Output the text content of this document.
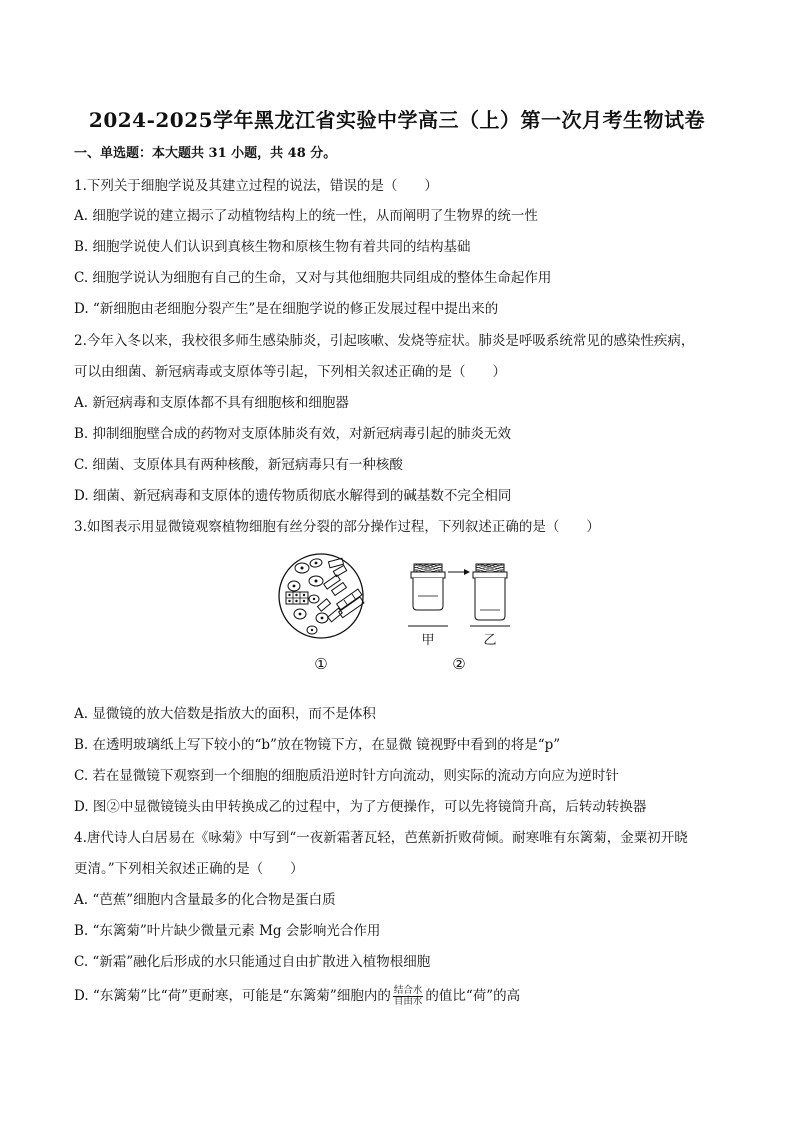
2024-2025学年黑龙江省实验中学高三（上）第一次月考生物试卷
一、单选题：本大题共 31 小题，共 48 分。
1.下列关于细胞学说及其建立过程的说法，错误的是（　　）
A. 细胞学说的建立揭示了动植物结构上的统一性，从而阐明了生物界的统一性
B. 细胞学说使人们认识到真核生物和原核生物有着共同的结构基础
C. 细胞学说认为细胞有自己的生命，又对与其他细胞共同组成的整体生命起作用
D. “新细胞由老细胞分裂产生”是在细胞学说的修正发展过程中提出来的
2.今年入冬以来，我校很多师生感染肺炎，引起咳嗽、发烧等症状。肺炎是呼吸系统常见的感染性疾病，
可以由细菌、新冠病毒或支原体等引起，下列相关叙述正确的是（　　）
A. 新冠病毒和支原体都不具有细胞核和细胞器
B. 抑制细胞壁合成的药物对支原体肺炎有效，对新冠病毒引起的肺炎无效
C. 细菌、支原体具有两种核酸，新冠病毒只有一种核酸
D. 细菌、新冠病毒和支原体的遗传物质彻底水解得到的碱基数不完全相同
3.如图表示用显微镜观察植物细胞有丝分裂的部分操作过程，下列叙述正确的是（　　）
甲	乙
①	②
A. 显微镜的放大倍数是指放大的面积，而不是体积
B. 在透明玻璃纸上写下较小的“b”放在物镜下方，在显微 镜视野中看到的将是“p”
C. 若在显微镜下观察到一个细胞的细胞质沿逆时针方向流动，则实际的流动方向应为逆时针
D. 图②中显微镜镜头由甲转换成乙的过程中，为了方便操作，可以先将镜筒升高，后转动转换器
4.唐代诗人白居易在《咏菊》中写到“一夜新霜著瓦轻，芭蕉新折败荷倾。耐寒唯有东篱菊，金粟初开晓
更清。”下列相关叙述正确的是（　　）
A. “芭蕉”细胞内含量最多的化合物是蛋白质
B. “东篱菊”叶片缺少微量元素 Mg 会影响光合作用
C. “新霜”融化后形成的水只能通过自由扩散进入植物根细胞
D. “东篱菊”比“荷”更耐寒，可能是“东篱菊”细胞内的 $\frac{\text{结合水}}{\text{自由水}}$ 的值比“荷”的高
